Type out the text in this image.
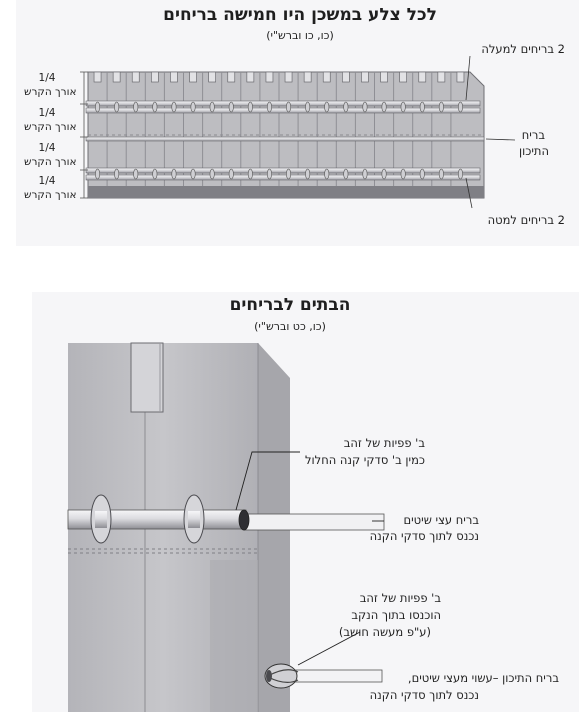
לכל צלע במשכן היו חמישה בריחים
(כו, כו וברש"י)
2 בריחים למעלה
בריח
התיכון
2 בריחים למטה
1/4
אורך הקרש
1/4
אורך הקרש
1/4
אורך הקרש
1/4
אורך הקרש
הבתים לבריחים
(כו, כט וברש"י)
ב' פפיות של זהב
כמין ב' סדקי קנה החלול
בריח עצי שיטים
נכנס לתוך סדקי הקנה
ב' פפיות של זהב
הוכנסו בתוך הנקב
(ע"פ מעשה חושב)
בריח התיכון –עשוי מעצי שיטים,
נכנס לתוך סדקי הקנה
